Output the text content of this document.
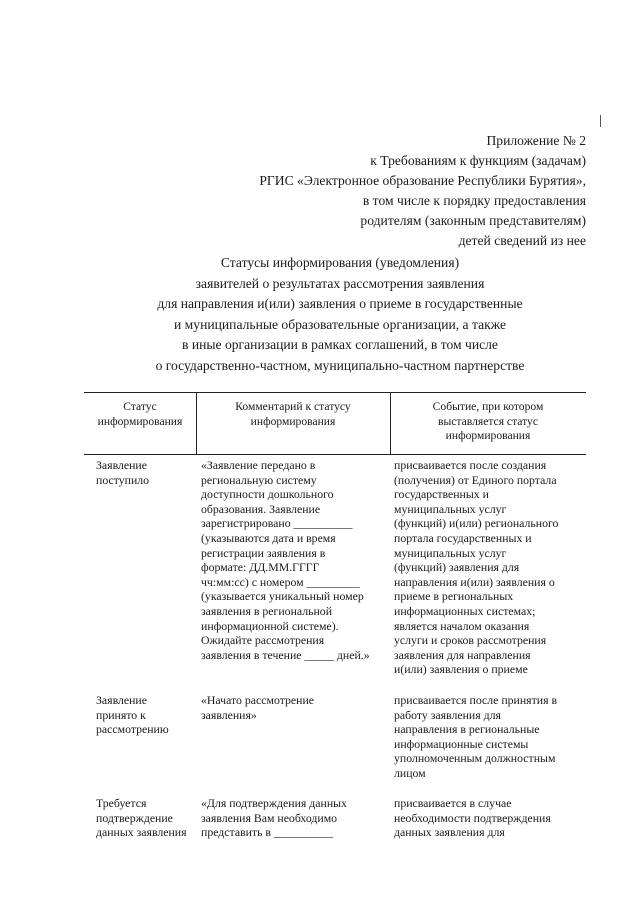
Приложение № 2
к Требованиям к функциям (задачам)
РГИС «Электронное образование Республики Бурятия»,
в том числе к порядку предоставления
родителям (законным представителям)
детей сведений из нее
Статусы информирования (уведомления)
заявителей о результатах рассмотрения заявления
для направления и(или) заявления о приеме в государственные
и муниципальные образовательные организации, а также
в иные организации в рамках соглашений, в том числе
о государственно-частном, муниципально-частном партнерстве
Статус
информирования
Комментарий к статусу
информирования
Событие, при котором
выставляется статус
информирования
Заявление
поступило
«Заявление передано в
региональную систему
доступности дошкольного
образования. Заявление
зарегистрировано __________
(указываются дата и время
регистрации заявления в
формате: ДД.ММ.ГГГГ
чч:мм:сс) с номером _________
(указывается уникальный номер
заявления в региональной
информационной системе).
Ожидайте рассмотрения
заявления в течение _____ дней.»
присваивается после создания
(получения) от Единого портала
государственных и
муниципальных услуг
(функций) и(или) регионального
портала государственных и
муниципальных услуг
(функций) заявления для
направления и(или) заявления о
приеме в региональных
информационных системах;
является началом оказания
услуги и сроков рассмотрения
заявления для направления
и(или) заявления о приеме
Заявление
принято к
рассмотрению
«Начато рассмотрение
заявления»
присваивается после принятия в
работу заявления для
направления в региональные
информационные системы
уполномоченным должностным
лицом
Требуется
подтверждение
данных заявления
«Для подтверждения данных
заявления Вам необходимо
представить в __________
присваивается в случае
необходимости подтверждения
данных заявления для
